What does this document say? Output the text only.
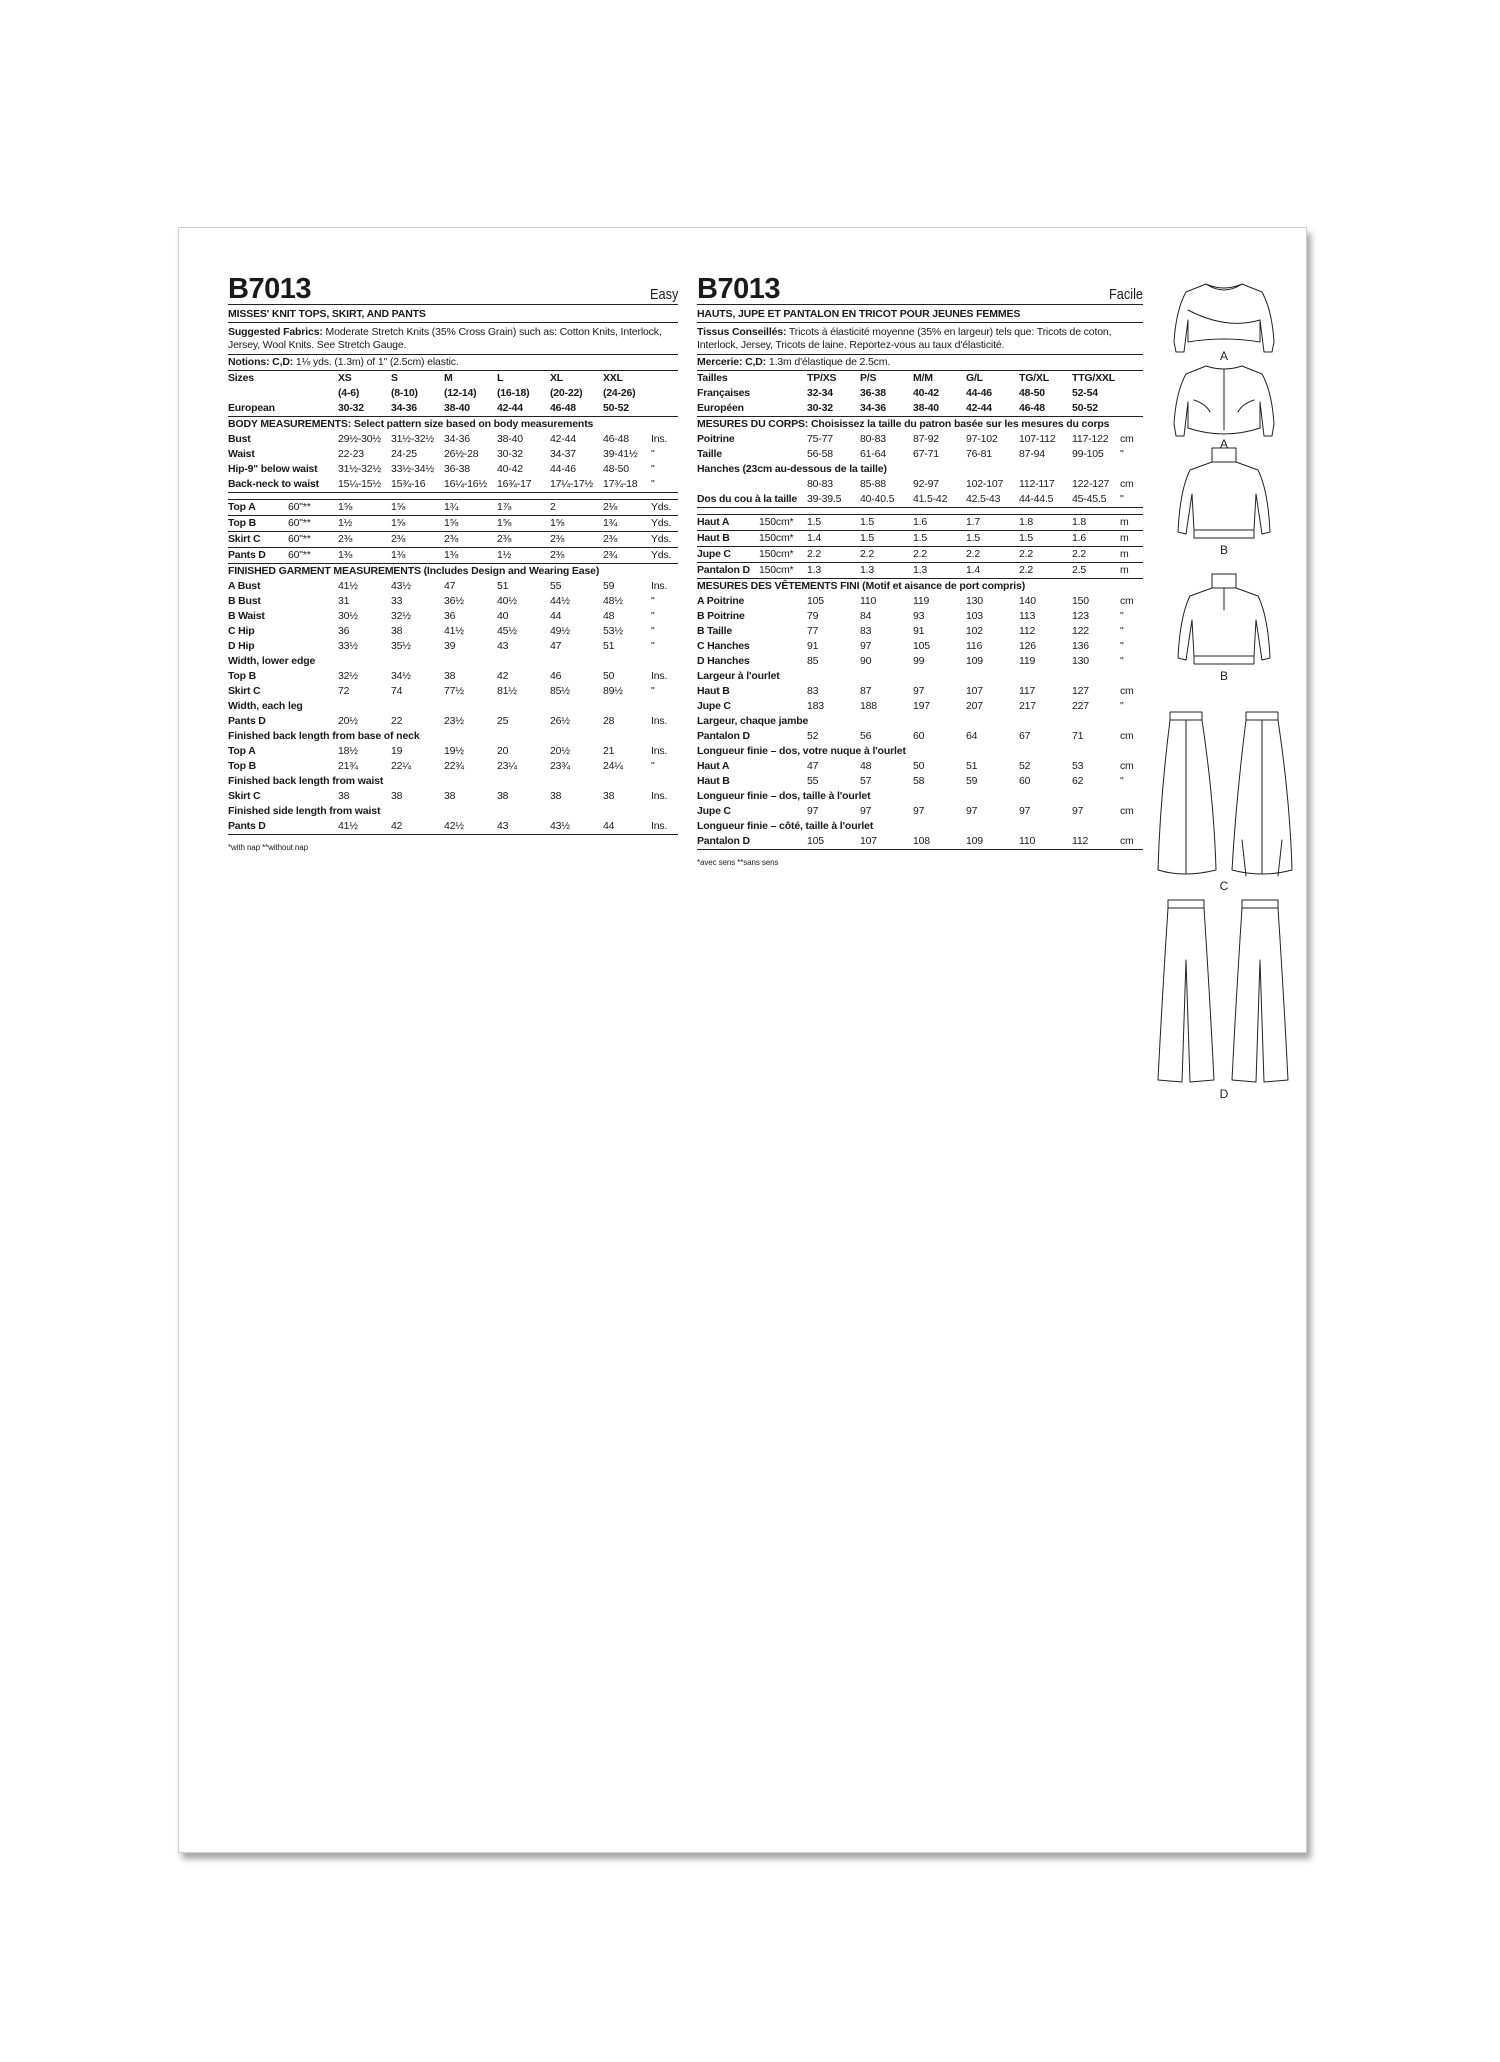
B7013	Easy
MISSES' KNIT TOPS, SKIRT, AND PANTS
Suggested Fabrics: Moderate Stretch Knits (35% Cross Grain) such as: Cotton Knits, Interlock, Jersey, Wool Knits. See Stretch Gauge.
Notions: C,D: 1⅛ yds. (1.3m) of 1" (2.5cm) elastic.
Sizes	XS	S	M	L	XL	XXL
(4-6)	(8-10) (12-14) (16-18) (20-22) (24-26)
European	30-32	34-36	38-40	42-44	46-48	50-52
BODY MEASUREMENTS: Select pattern size based on body measurements
Bust	29½-30½ 31½-32½ 34-36	38-40	42-44	46-48 Ins.
Waist	22-23	24-25	26½-28 30-32	34-37	39-41½ "
Hip-9" below waist 31½-32½ 33½-34½ 36-38	40-42	44-46	48-50 "
Back-neck to waist 15¼-15½ 15¾-16 16¼-16½ 16¾-17 17¼-17½ 17¾-18 "
Top A	60"**	1⅝	1⅝	1¾	1⅞	2	2⅛	Yds.
Top B	60"**	1½	1⅝	1⅝	1⅝	1⅝	1¾	Yds.
Skirt C	60"**	2⅜	2⅜	2⅜	2⅜	2⅜	2⅜	Yds.
Pants D 60"**	1⅜	1⅜	1⅜	1½	2⅜	2¾	Yds.
FINISHED GARMENT MEASUREMENTS (Includes Design and Wearing Ease)
A Bust	41½	43½	47	51	55	59	Ins.
B Bust	31	33	36½	40½	44½	48½	"
B Waist	30½	32½	36	40	44	48	"
C Hip	36	38	41½	45½	49½	53½	"
D Hip	33½	35½	39	43	47	51	"
Width, lower edge
Top B	32½	34½	38	42	46	50	Ins.
Skirt C	72	74	77½	81½	85½	89½	"
Width, each leg
Pants D	20½	22	23½	25	26½	28	Ins.
Finished back length from base of neck
Top A	18½	19	19½	20	20½	21	Ins.
Top B	21¾	22¼	22¾	23¼	23¾	24¼	"
Finished back length from waist
Skirt C	38	38	38	38	38	38	Ins.
Finished side length from waist
Pants D	41½	42	42½	43	43½	44	Ins.
*with nap **without nap
B7013	Facile
HAUTS, JUPE ET PANTALON EN TRICOT POUR JEUNES FEMMES
Tissus Conseillés: Tricots à élasticité moyenne (35% en largeur) tels que: Tricots de coton, Interlock, Jersey, Tricots de laine. Reportez-vous au taux d'élasticité.
Mercerie: C,D: 1.3m d'élastique de 2.5cm.
Tailles	TP/XS P/S	M/M	G/L	TG/XL TTG/XXL
Françaises	32-34	36-38	40-42	44-46	48-50	52-54
Européen	30-32	34-36	38-40	42-44	46-48	50-52
MESURES DU CORPS: Choisissez la taille du patron basée sur les mesures du corps
Poitrine	75-77	80-83	87-92	97-102 107-112 117-122 cm
Taille	56-58	61-64	67-71	76-81	87-94	99-105 "
Hanches (23cm au-dessous de la taille)
80-83	85-88	92-97	102-107 112-117 122-127 cm
Dos du cou à la taille 39-39.5 40-40.5 41.5-42 42.5-43 44-44.5 45-45.5 "
Haut A	150cm* 1.5	1.5	1.6	1.7	1.8	1.8	m
Haut B	150cm* 1.4	1.5	1.5	1.5	1.5	1.6	m
Jupe C	150cm* 2.2	2.2	2.2	2.2	2.2	2.2	m
Pantalon D 150cm* 1.3	1.3	1.3	1.4	2.2	2.5	m
MESURES DES VÊTEMENTS FINI (Motif et aisance de port compris)
A Poitrine	105	110	119	130	140	150	cm
B Poitrine	79	84	93	103	113	123	"
B Taille	77	83	91	102	112	122	"
C Hanches	91	97	105	116	126	136	"
D Hanches	85	90	99	109	119	130	"
Largeur à l'ourlet
Haut B	83	87	97	107	117	127	cm
Jupe C	183	188	197	207	217	227	"
Largeur, chaque jambe
Pantalon D	52	56	60	64	67	71	cm
Longueur finie – dos, votre nuque à l'ourlet
Haut A	47	48	50	51	52	53	cm
Haut B	55	57	58	59	60	62	"
Longueur finie – dos, taille à l'ourlet
Jupe C	97	97	97	97	97	97	cm
Longueur finie – côté, taille à l'ourlet
Pantalon D	105	107	108	109	110	112	cm
*avec sens **sans sens
A
A
B
B
C
D
